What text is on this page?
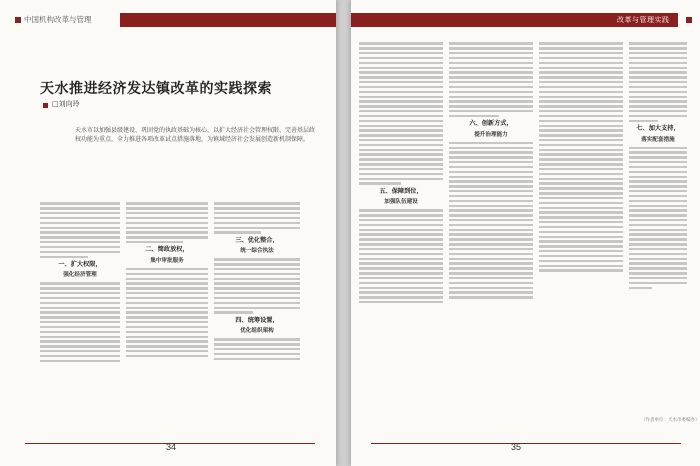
中国机构改革与管理
天水推进经济发达镇改革的实践探索
□刘向玲
天水市以加强县级建设、巩固党的执政基础为核心，以扩大经济社会管理权限、完善基层政权功能为重点，全力推进各项改革试点措施落地，为镇域经济社会发展创造新机制保障。
一、扩大权限，
强化经济管理
二、简政放权，
集中审批服务
三、优化整合，
统一综合执法
四、统筹设置，
优化组织架构
34
改革与管理实践
五、保障到位，
加强队伍建设
六、创新方式，
提升治理能力
七、加大支持，
落实配套措施
（作者单位：天水市委编办）
35
